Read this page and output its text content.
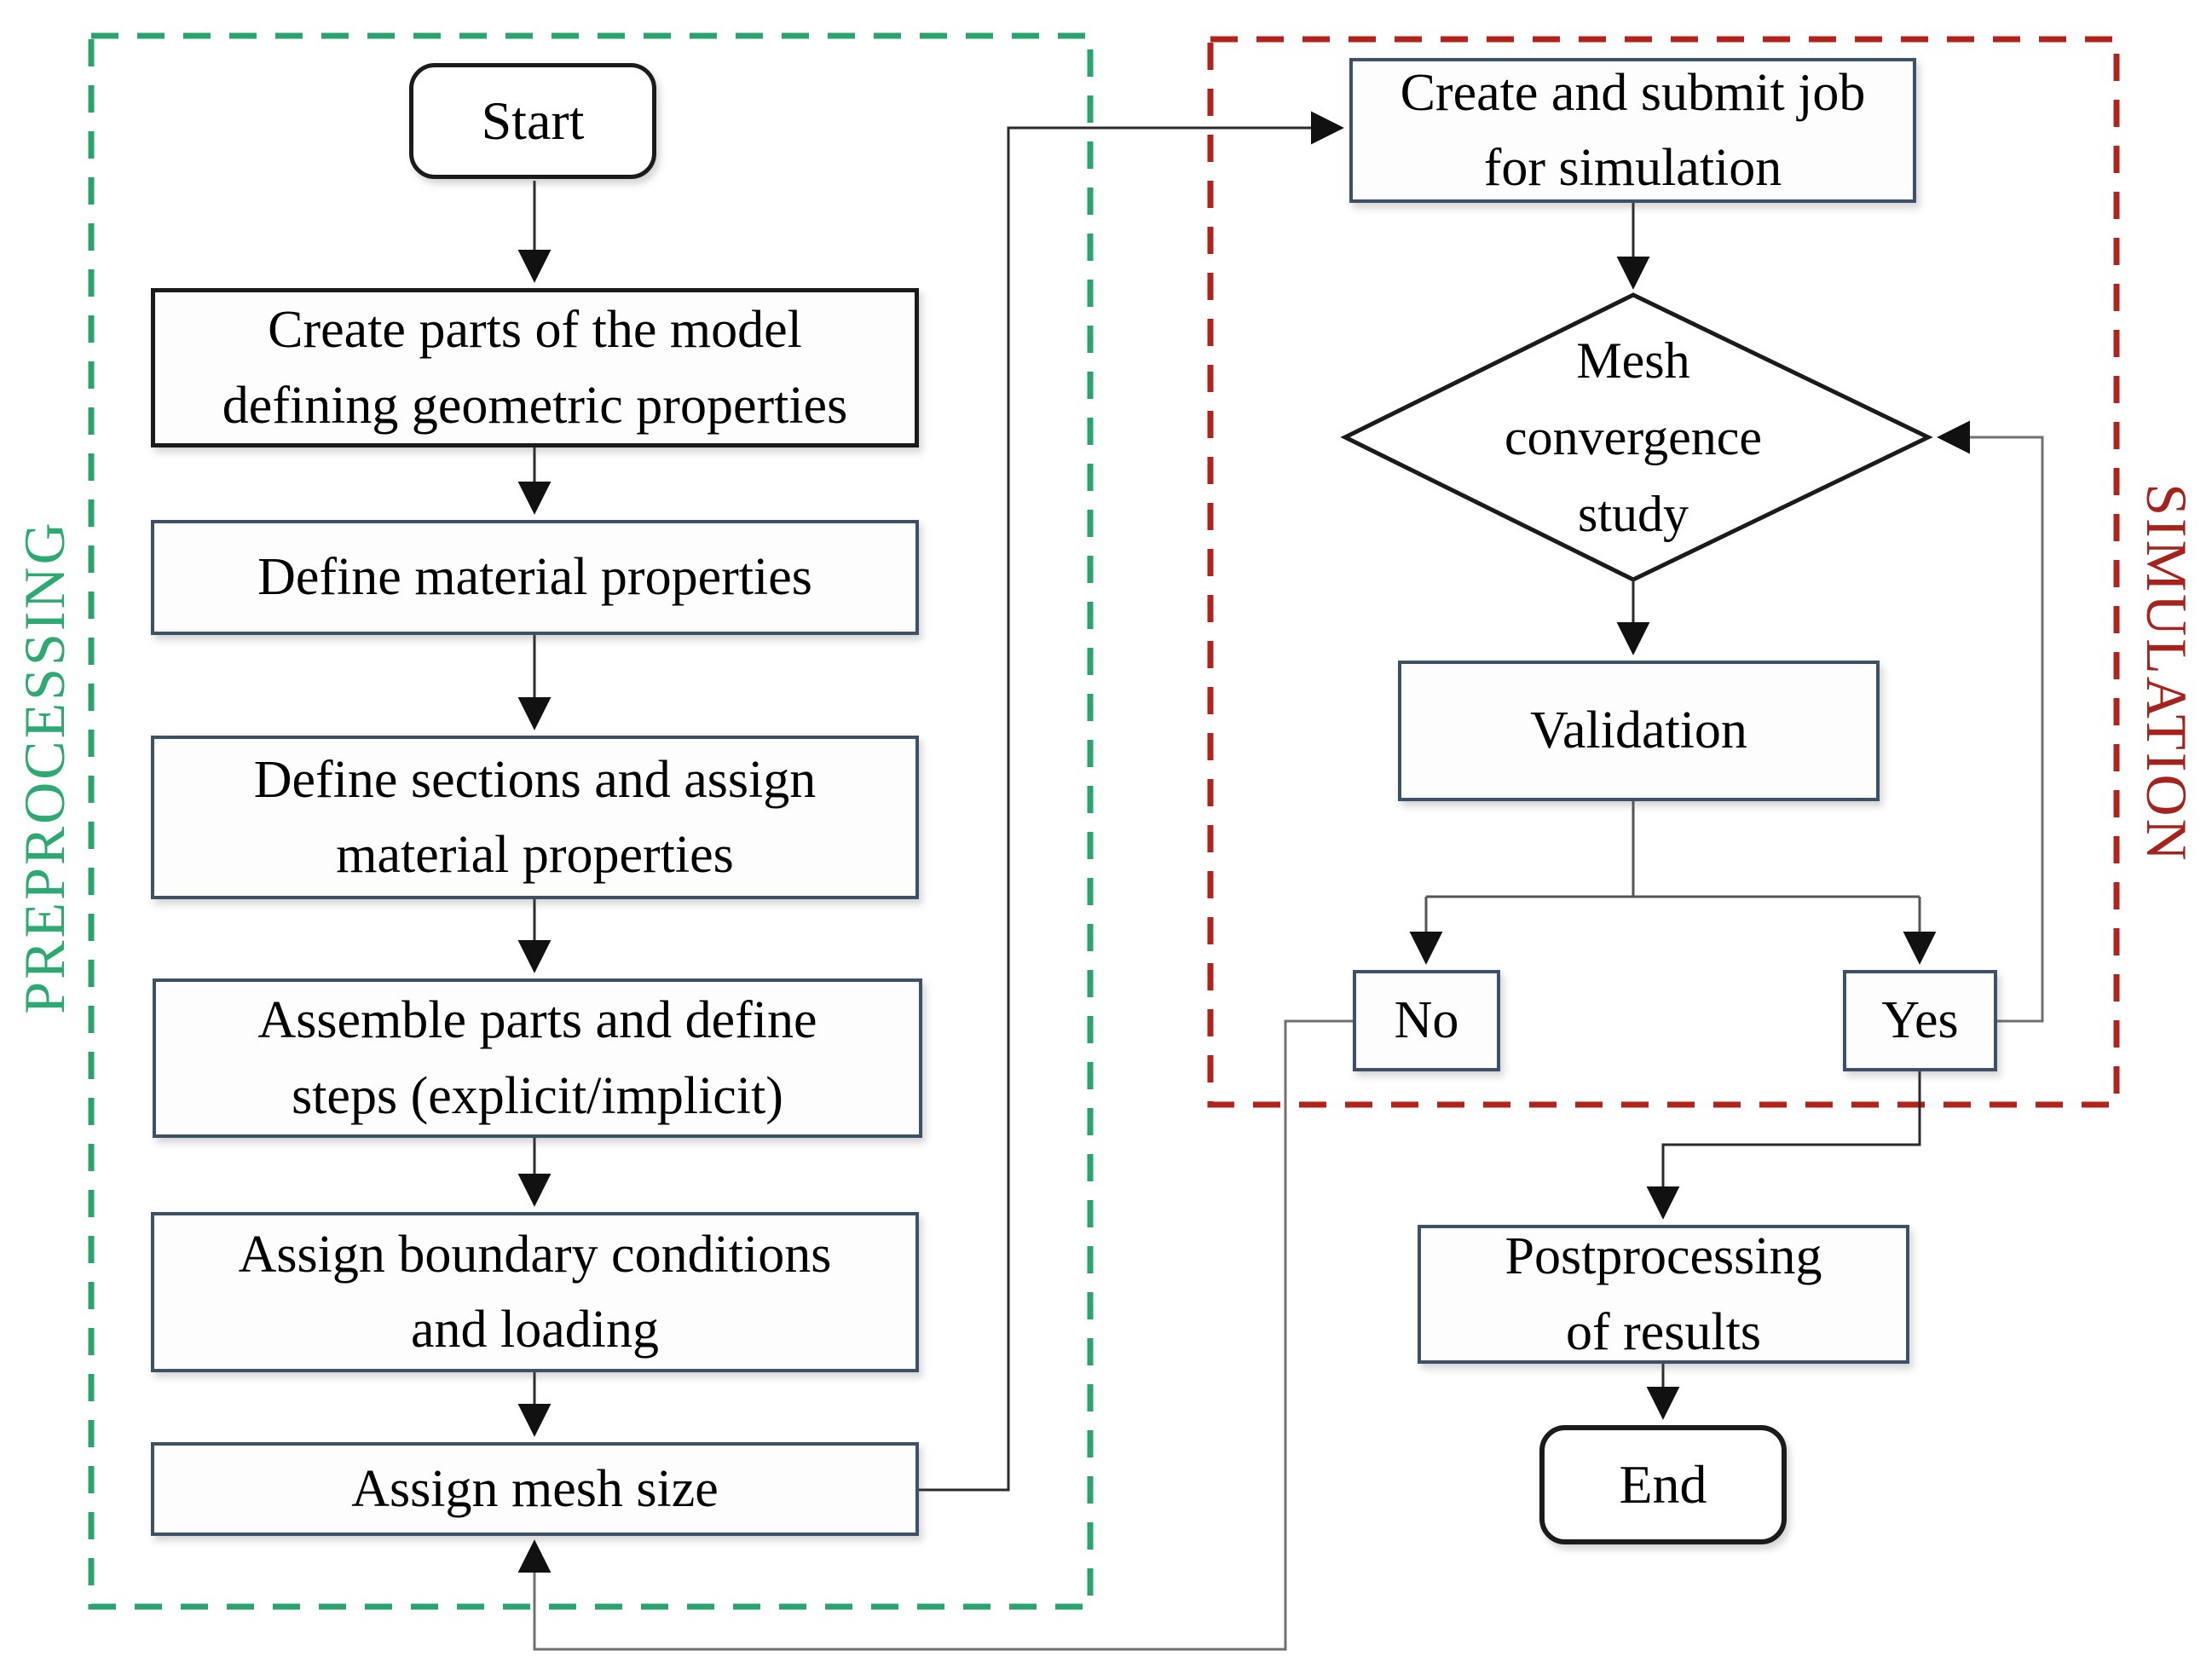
PREPROCESSING	SIMULATION
Start
Create parts of the model
defining geometric properties
Define material properties
Define sections and assign
material properties
Assemble parts and define
steps (explicit/implicit)
Assign boundary conditions
and loading
Assign mesh size
Create and submit job
for simulation
Mesh
convergence
study
Validation
No	Yes
Postprocessing
of results
End
